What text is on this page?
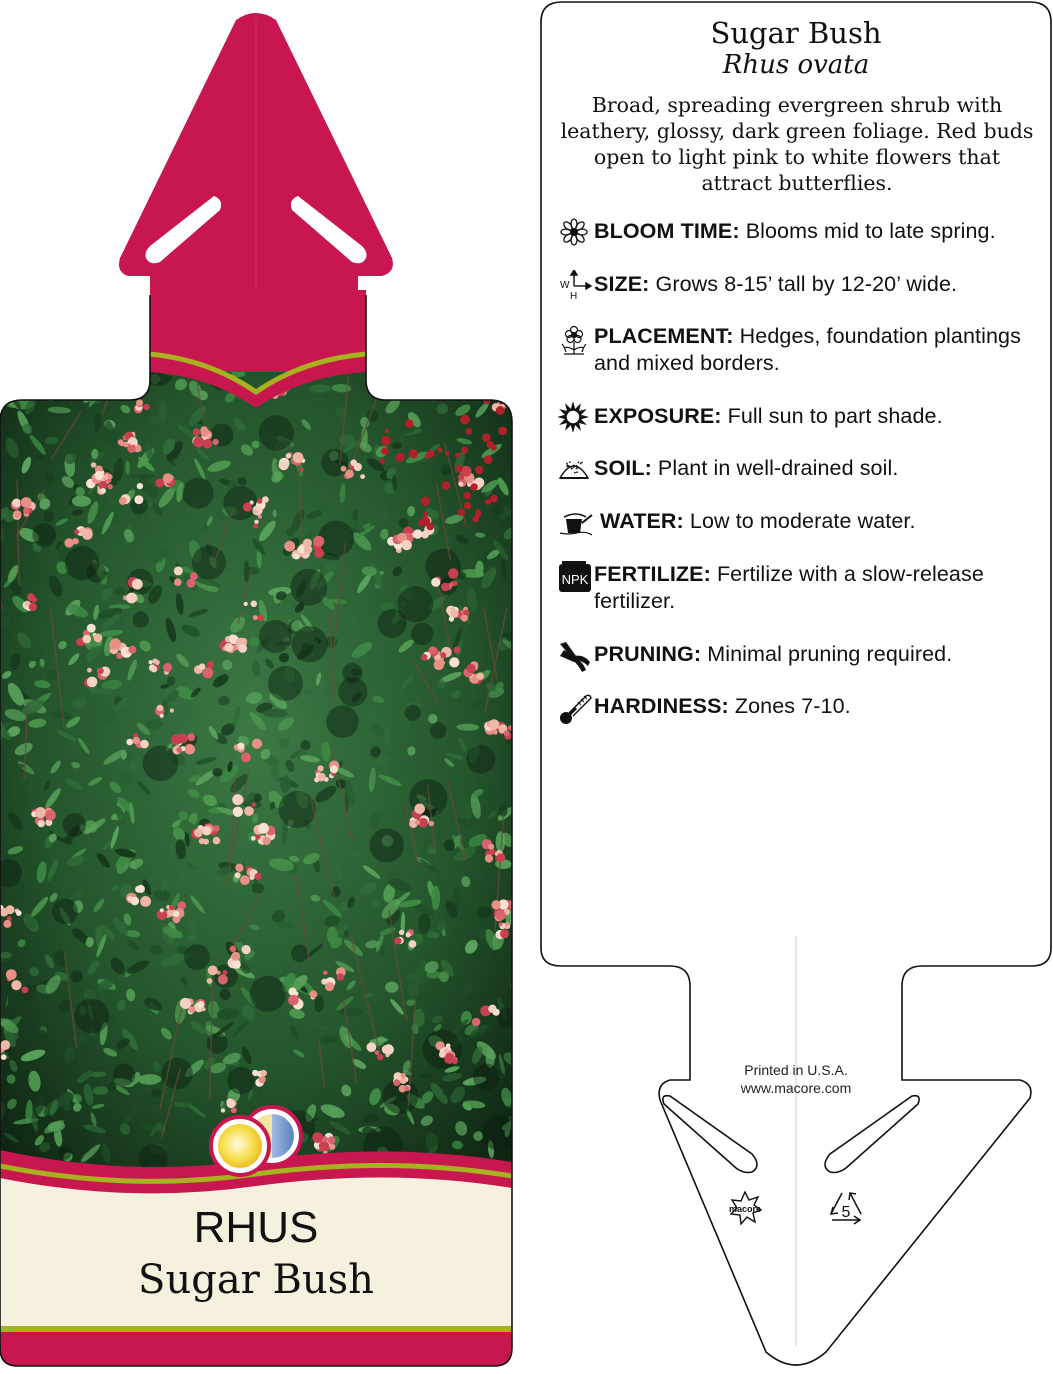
macore	5
RHUS
Sugar Bush
Sugar Bush
Rhus ovata
Broad, spreading evergreen shrub with leathery, glossy, dark green foliage. Red buds open to light pink to white flowers that attract butterflies.
BLOOM TIME: Blooms mid to late spring.
W
H
SIZE: Grows 8-15’ tall by 12-20’ wide.
PLACEMENT: Hedges, foundation plantings and mixed borders.
EXPOSURE: Full sun to part shade.
SOIL: Plant in well-drained soil.
WATER: Low to moderate water.
NPK FERTILIZE: Fertilize with a slow-release fertilizer.
PRUNING: Minimal pruning required.
HARDINESS: Zones 7-10.
Printed in U.S.A.
www.macore.com
